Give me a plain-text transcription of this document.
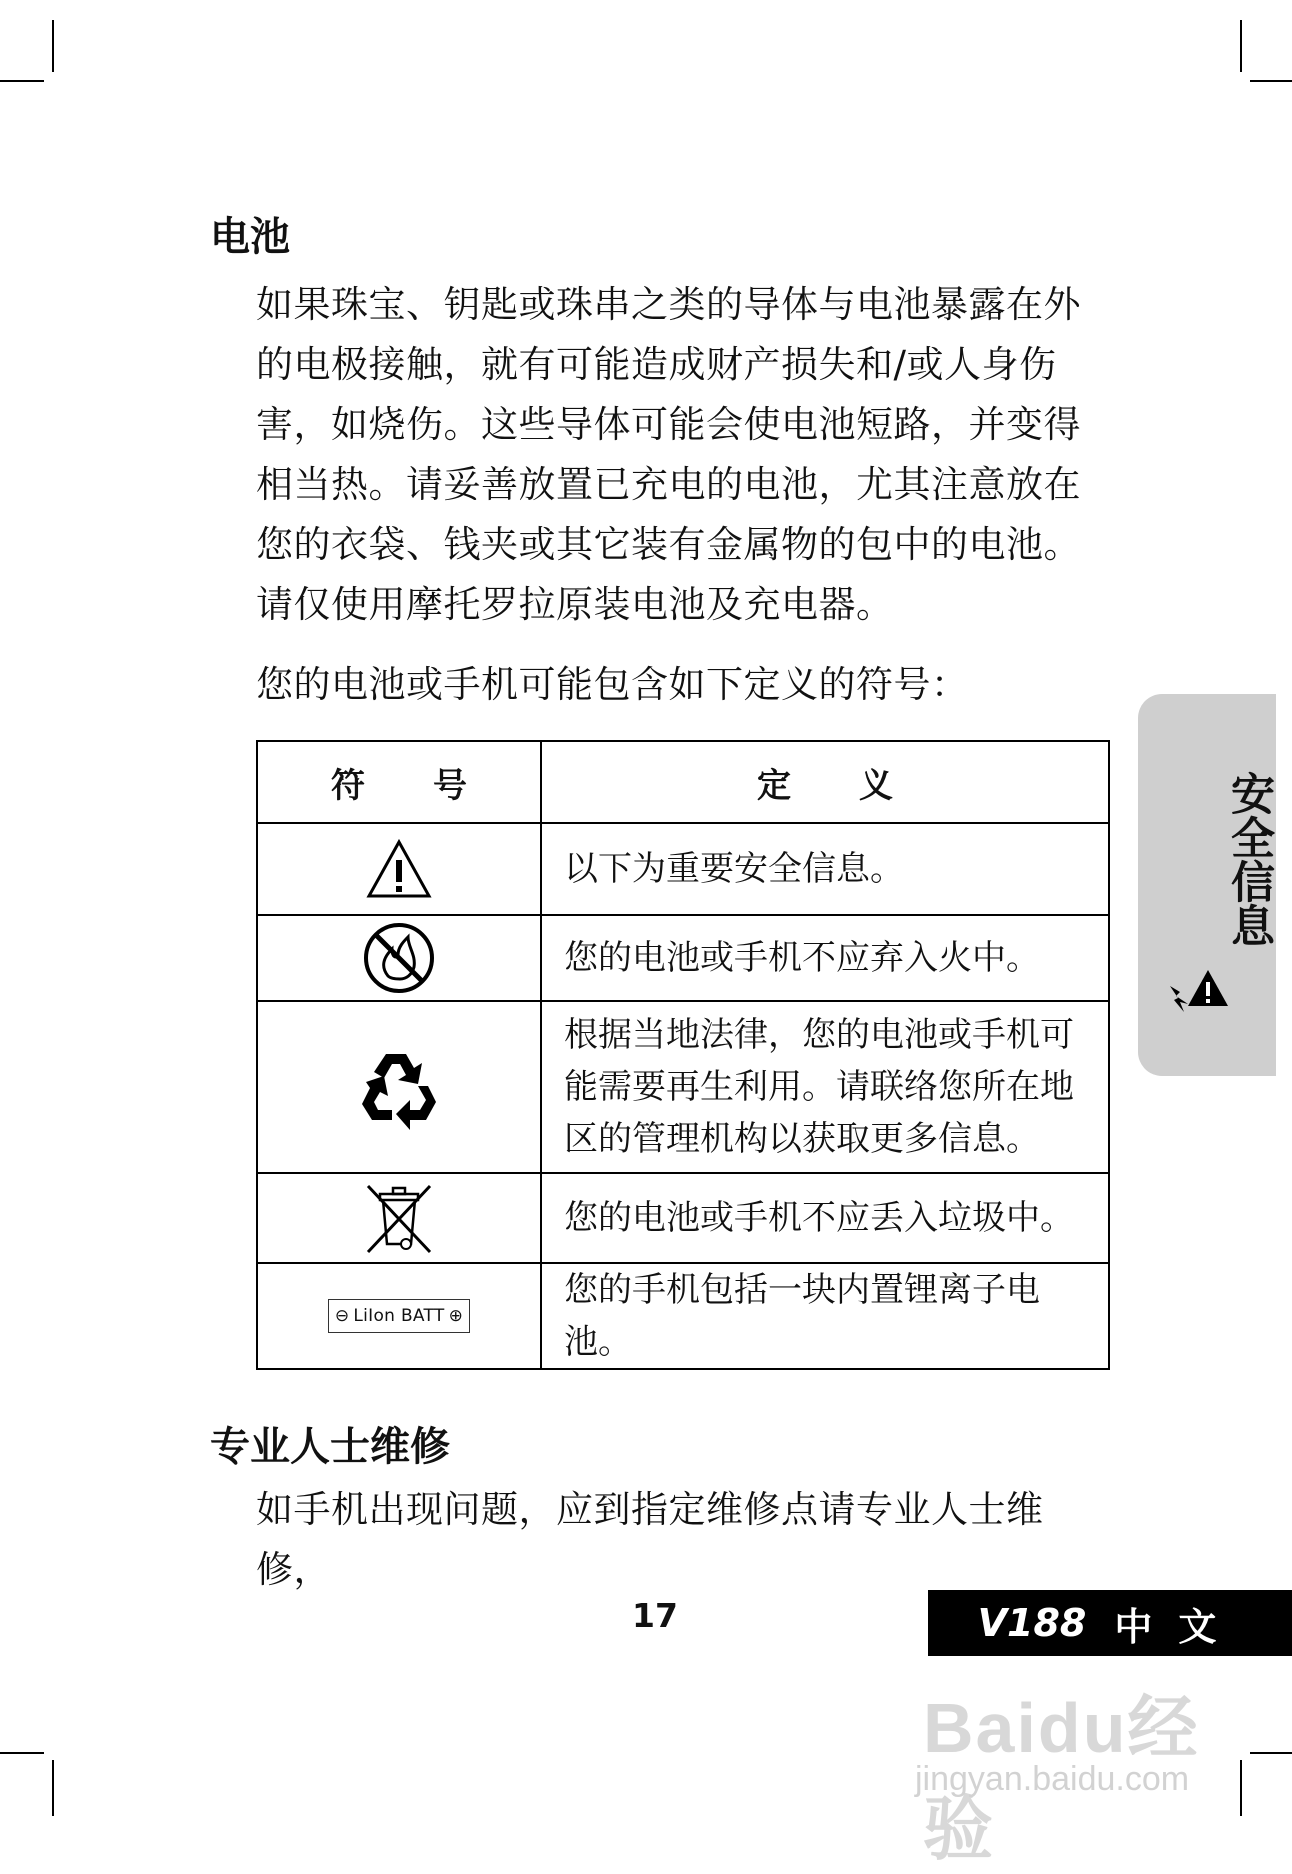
电池

如果珠宝、钥匙或珠串之类的导体与电池暴露在外的电极接触，就有可能造成财产损失和/或人身伤害，如烧伤。这些导体可能会使电池短路，并变得相当热。请妥善放置已充电的电池，尤其注意放在您的衣袋、钱夹或其它装有金属物的包中的电池。请仅使用摩托罗拉原装电池及充电器。

您的电池或手机可能包含如下定义的符号：

符　　号	定　　义

	以下为重要安全信息。

	您的电池或手机不应弃入火中。

	根据当地法律，您的电池或手机可能需要再生利用。请联络您所在地区的管理机构以获取更多信息。

	您的电池或手机不应丢入垃圾中。

⊖ LiIon BATT ⊕	您的手机包括一块内置锂离子电池。
专业人士维修

如手机出现问题，应到指定维修点请专业人士维修，

安全信息
17	V188 中文
Baidu经验
jingyan.baidu.com
